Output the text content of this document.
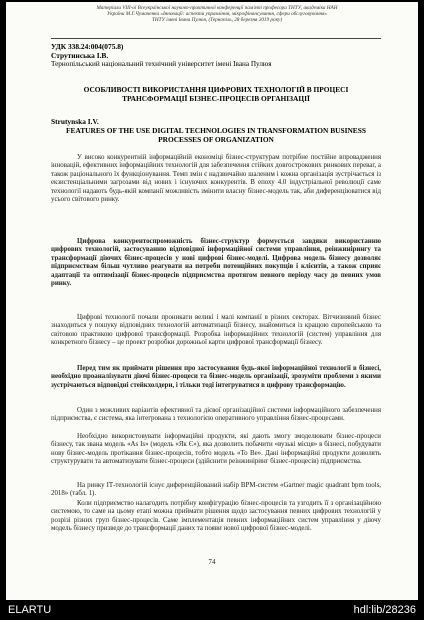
Матеріали VIII-ої Всеукраїнської науково-практичної конференції пам'яті професора ТНТУ, академіка НАН
України М.Г.Чумаченка «Інновації: аспекти управління, мікрофінансування, сфери обслуговування»
ТНТУ імені Івана Пулюя, (Тернопіль, 28 березня 2019 року)
УДК 338.24:004(075.8)
Струтинська І.В.
Тернопільський національний технічний університет імені Івана Пулюя
ОСОБЛИВОСТІ ВИКОРИСТАННЯ ЦИФРОВИХ ТЕХНОЛОГІЙ В ПРОЦЕСІ ТРАНСФОРМАЦІЇ БІЗНЕС-ПРОЦЕСІВ ОРГАНІЗАЦІЇ
Strutynska I.V.
FEATURES OF THE USE DIGITAL TECHNOLOGIES IN TRANSFORMATION BUSINESS PROCESSES OF ORGANIZATION

У високо конкурентній інформаційній економіці бізнес-структурам потрібне постійне впровадження інновацій, ефективних інформаційних технологій для забезпечення стійких довгострокових ринкових переваг, а також раціонального їх функціонування. Темп змін є надзвичайно шаленим і кожна організація зустрічається із екзистенціальними загрозами від нових і існуючих конкурентів. В епоху 4.0 індустріальної революції саме технології надають будь-якій компанії можливість змінити власну бізнес-модель так, аби диференціюватися від усього світового ринку.

Цифрова конкурентоспроможність бізнес-структур формується завдяки використанню цифрових технологій, застосуванню відповідної інформаційної системи управління, реінжинірингу та трансформації діючих бізнес-процесів у нові цифрові бізнес-моделі. Цифрова модель бізнесу дозволяє підприємствам більш чутливо реагувати на потреби потенційних покупців і клієнтів, а також сприяє адаптації та оптимізації бізнес-процесів підприємства протягом певного періоду часу до певних умов ринку.

Цифрові технології почали проникати великі і малі компанії в різних секторах. Вітчизняний бізнес знаходиться у пошуку відповідних технологій автоматизації бізнесу, знайомиться із кращою європейською та світовою практикою цифрової трансформації. Розробка інформаційних технологій (систем) управління для конкретного бізнесу – це проект розробки дорожньої карти цифрової трансформації бізнесу.

Перед тим як приймати рішення про застосування будь-якої інформаційної технології в бізнесі, необхідно проаналізувати діючі бізнес-процеси та бізнес-модель організації, зрозуміти проблеми з якими зустрічаються відповідні стейкхолдери, і тільки тоді інтегруватися в цифрову трансформацію.

Один з можливих варіантів ефективної та дієвої організаційної системи інформаційного забезпечення підприємства, є система, яка інтегрована з технологією оперативного управління бізнес-процесами.

Необхідно використовувати інформаційні продукти, які дають змогу змоделювати бізнес-процеси бізнесу, так звана модель «As Is» (модель «Як Є»), яка дозволить побачити «вузькі місця» в бізнесі, побудувати нову бізнес-модель протікання бізнес-процесів, тобто модель «To Be». Дані інформаційні продукти дозволять структурувати та автоматизувати бізнес-процеси (здійснити реінжиніринг бізнес-процесів) підприємства.

На ринку ІТ-технологій існує диференційований набір BPM-систем «Gartner magic quadrant bpm tools, 2018» (табл. 1).

Коли підприємство налагодить потрібну конфігурацію бізнес-процесів та узгодить її з організаційною системою, то саме на цьому етапі можна приймати рішення щодо застосування певних цифрових технологій у розрізі різних груп бізнес-процесів. Саме імплементація певних інформаційних систем управління у діючу модель бізнесу призведе до трансформації даних та появи нової цифрової бізнес-моделі.

74
ELARTU	hdl:lib/28236
